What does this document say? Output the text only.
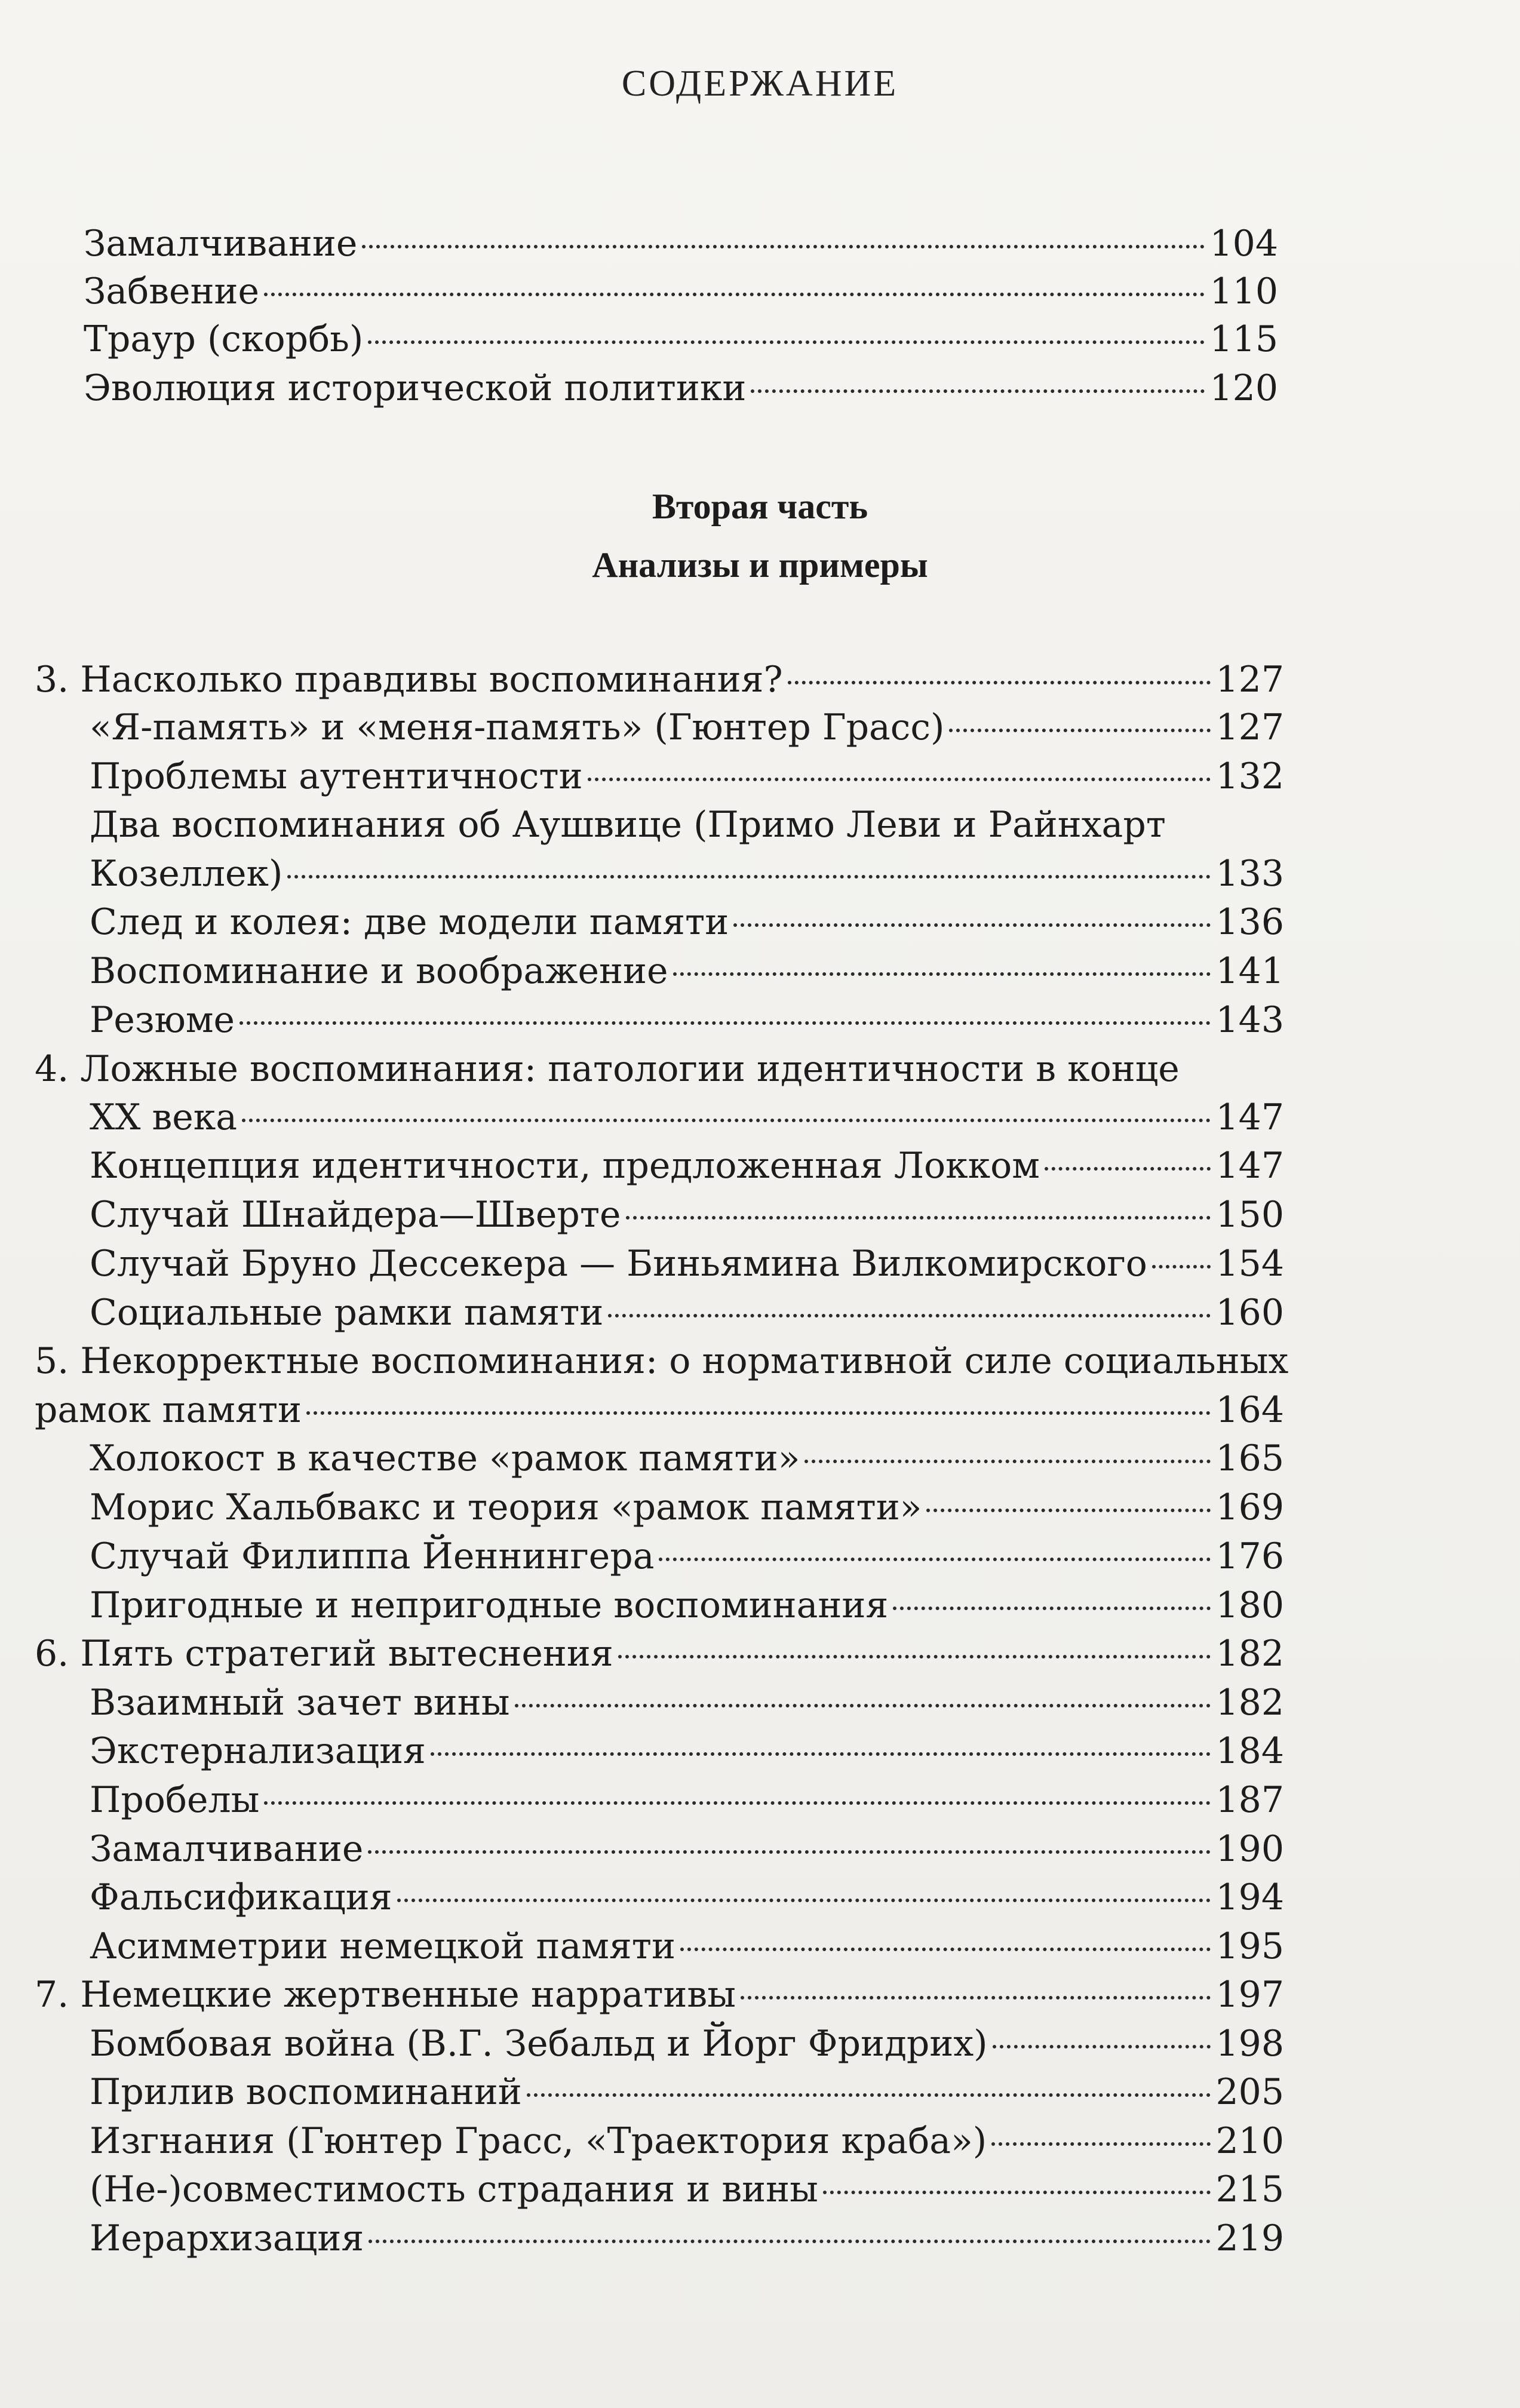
СОДЕРЖАНИЕ
Вторая часть
Анализы и примеры
Замалчивание	104
Забвение	110
Траур (скорбь)	115
Эволюция исторической политики	120
3. Насколько правдивы воспоминания?	127
«Я-память» и «меня-память» (Гюнтер Грасс)	127
Проблемы аутентичности	132
Два воспоминания об Аушвице (Примо Леви и Райнхарт
Козеллек)	133
След и колея: две модели памяти	136
Воспоминание и воображение	141
Резюме	143
4. Ложные воспоминания: патологии идентичности в конце
XX века	147
Концепция идентичности, предложенная Локком	147
Случай Шнайдера—Шверте	150
Случай Бруно Дессекера — Биньямина Вилкомирского 154
Социальные рамки памяти	160
5. Некорректные воспоминания: о нормативной силе социальных
рамок памяти	164
Холокост в качестве «рамок памяти»	165
Морис Хальбвакс и теория «рамок памяти»	169
Случай Филиппа Йеннингера	176
Пригодные и непригодные воспоминания	180
6. Пять стратегий вытеснения	182
Взаимный зачет вины	182
Экстернализация	184
Пробелы	187
Замалчивание	190
Фальсификация	194
Асимметрии немецкой памяти	195
7. Немецкие жертвенные нарративы	197
Бомбовая война (В.Г. Зебальд и Йорг Фридрих)	198
Прилив воспоминаний	205
Изгнания (Гюнтер Грасс, «Траектория краба»)	210
(Не-)совместимость страдания и вины	215
Иерархизация	219
